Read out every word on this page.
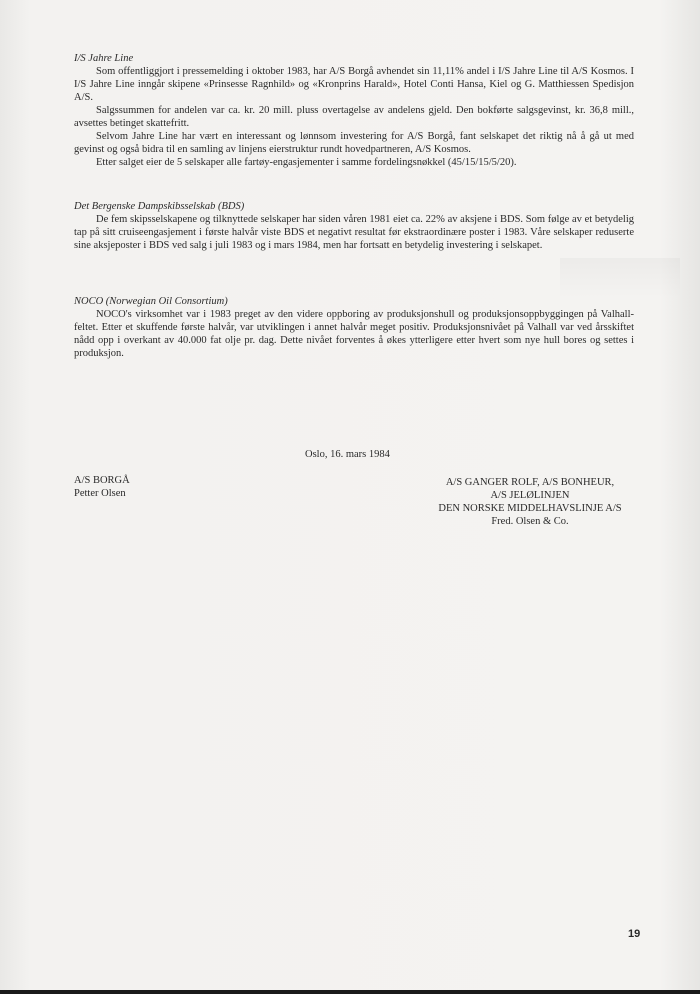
I/S Jahre Line

Som offentliggjort i pressemelding i oktober 1983, har A/S Borgå avhendet sin 11,11% andel i I/S Jahre Line til A/S Kosmos. I I/S Jahre Line inngår skipene «Prinsesse Ragnhild» og «Kronprins Harald», Hotel Conti Hansa, Kiel og G. Matthiessen Spedisjon A/S.

Salgssummen for andelen var ca. kr. 20 mill. pluss overtagelse av andelens gjeld. Den bokførte salgsgevinst, kr. 36,8 mill., avsettes betinget skattefritt.

Selvom Jahre Line har vært en interessant og lønnsom investering for A/S Borgå, fant selskapet det riktig nå å gå ut med gevinst og også bidra til en samling av linjens eierstruktur rundt hovedpartneren, A/S Kosmos.

Etter salget eier de 5 selskaper alle fartøy-engasjementer i samme fordelingsnøkkel (45/15/15/5/20).

Det Bergenske Dampskibsselskab (BDS)

De fem skipsselskapene og tilknyttede selskaper har siden våren 1981 eiet ca. 22% av aksjene i BDS. Som følge av et betydelig tap på sitt cruiseengasjement i første halvår viste BDS et negativt resultat før ekstraordinære poster i 1983. Våre selskaper reduserte sine aksjeposter i BDS ved salg i juli 1983 og i mars 1984, men har fortsatt en betydelig investering i selskapet.

NOCO (Norwegian Oil Consortium)

NOCO's virksomhet var i 1983 preget av den videre oppboring av produksjonshull og produksjonsoppbyggingen på Valhall-feltet. Etter et skuffende første halvår, var utviklingen i annet halvår meget positiv. Produksjonsnivået på Valhall var ved årsskiftet nådd opp i overkant av 40.000 fat olje pr. dag. Dette nivået forventes å økes ytterligere etter hvert som nye hull bores og settes i produksjon.

Oslo, 16. mars 1984
A/S BORGÅ
Petter Olsen
A/S GANGER ROLF, A/S BONHEUR,
A/S JELØLINJEN
DEN NORSKE MIDDELHAVSLINJE A/S
Fred. Olsen & Co.
19
